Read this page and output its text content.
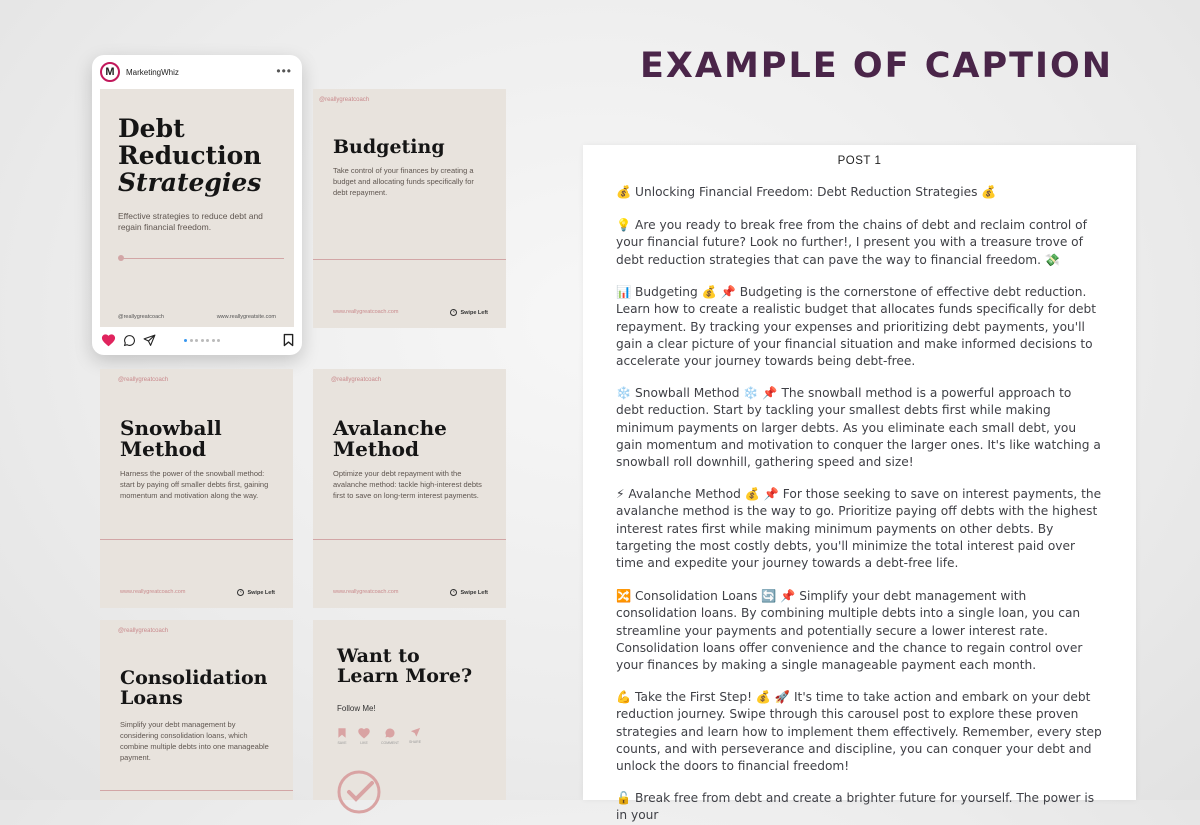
EXAMPLE OF CAPTION
M	MarketingWhiz	•••
Debt
Reduction
Strategies
Effective strategies to reduce debt and regain financial freedom.
@reallygreatcoach	www.reallygreatsite.com
@reallygreatcoach
Budgeting
Take control of your finances by creating a budget and allocating funds specifically for debt repayment.
www.reallygreatcoach.com	‹	Swipe Left
@reallygreatcoach
Snowball
Method
Harness the power of the snowball method: start by paying off smaller debts first, gaining momentum and motivation along the way.
www.reallygreatcoach.com	‹	Swipe Left
@reallygreatcoach
Avalanche
Method
Optimize your debt repayment with the avalanche method: tackle high-interest debts first to save on long-term interest payments.
www.reallygreatcoach.com	‹	Swipe Left
@reallygreatcoach
Consolidation
Loans
Simplify your debt management by considering consolidation loans, which combine multiple debts into one manageable payment.
Want to
Learn More?
Follow Me!
SAVE	LIKE	COMMENT	SHARE
POST 1

💰 Unlocking Financial Freedom: Debt Reduction Strategies 💰

💡 Are you ready to break free from the chains of debt and reclaim control of your financial future? Look no further!, I present you with a treasure trove of debt reduction strategies that can pave the way to financial freedom. 💸

📊 Budgeting 💰 📌 Budgeting is the cornerstone of effective debt reduction. Learn how to create a realistic budget that allocates funds specifically for debt repayment. By tracking your expenses and prioritizing debt payments, you'll gain a clear picture of your financial situation and make informed decisions to accelerate your journey towards being debt-free.

❄️ Snowball Method ❄️ 📌 The snowball method is a powerful approach to debt reduction. Start by tackling your smallest debts first while making minimum payments on larger debts. As you eliminate each small debt, you gain momentum and motivation to conquer the larger ones. It's like watching a snowball roll downhill, gathering speed and size!

⚡ Avalanche Method 💰 📌 For those seeking to save on interest payments, the avalanche method is the way to go. Prioritize paying off debts with the highest interest rates first while making minimum payments on other debts. By targeting the most costly debts, you'll minimize the total interest paid over time and expedite your journey towards a debt-free life.

🔀 Consolidation Loans 🔄 📌 Simplify your debt management with consolidation loans. By combining multiple debts into a single loan, you can streamline your payments and potentially secure a lower interest rate. Consolidation loans offer convenience and the chance to regain control over your finances by making a single manageable payment each month.

💪 Take the First Step! 💰 🚀 It's time to take action and embark on your debt reduction journey. Swipe through this carousel post to explore these proven strategies and learn how to implement them effectively. Remember, every step counts, and with perseverance and discipline, you can conquer your debt and unlock the doors to financial freedom!

🔓 Break free from debt and create a brighter future for yourself. The power is in your
